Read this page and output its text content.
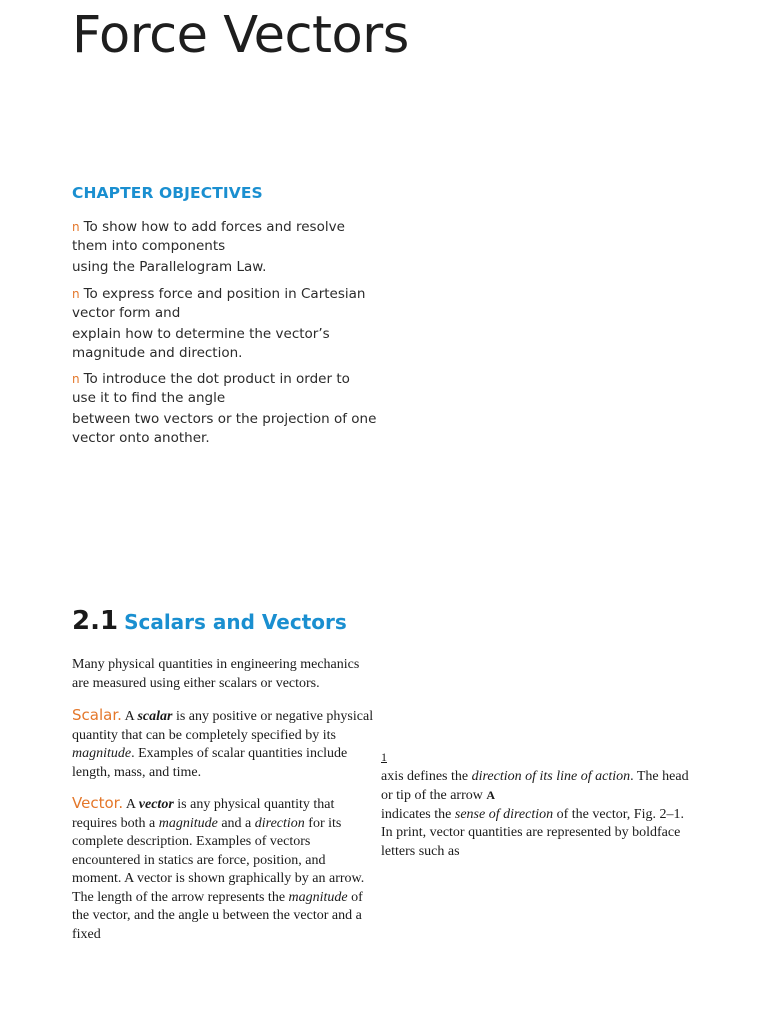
Force Vectors
CHAPTER OBJECTIVES

n To show how to add forces and resolve them into components

using the Parallelogram Law.

n To express force and position in Cartesian vector form and

explain how to determine the vector’s magnitude and direction.

n To introduce the dot product in order to use it to find the angle

between two vectors or the projection of one vector onto another.

2.1 Scalars and Vectors

Many physical quantities in engineering mechanics are measured using either scalars or vectors.

Scalar. A scalar is any positive or negative physical quantity that can be completely specified by its magnitude. Examples of scalar quantities include length, mass, and time.

Vector. A vector is any physical quantity that requires both a magnitude and a direction for its complete description. Examples of vectors encountered in statics are force, position, and moment. A vector is shown graphically by an arrow. The length of the arrow represents the magnitude of the vector, and the angle u between the vector and a fixed

1

axis defines the direction of its line of action. The head or tip of the arrow A

indicates the sense of direction of the vector, Fig. 2–1.

In print, vector quantities are represented by boldface letters such as
